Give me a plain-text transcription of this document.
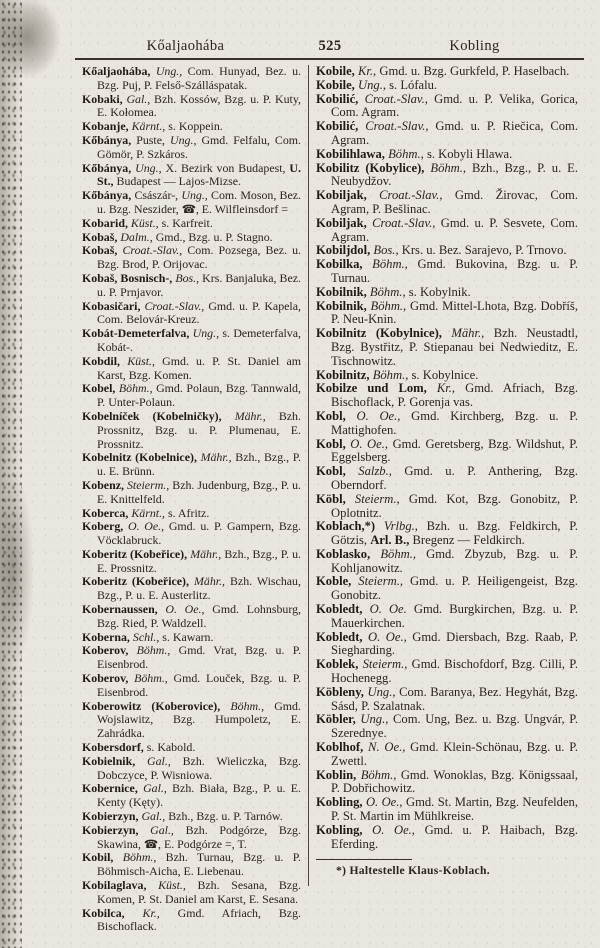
Kőaljaohába	525	Kobling

Kőaljaohába, Ung., Com. Hunyad, Bez. u. Bzg. Puj, P. Felső-Szálláspatak.

Kobaki, Gal., Bzh. Kossów, Bzg. u. P. Kuty, E. Kołomea.

Kobanje, Kärnt., s. Koppein.

Kőbánya, Puste, Ung., Gmd. Felfalu, Com. Gömör, P. Szkáros.

Kőbánya, Ung., X. Bezirk von Budapest, U. St., Budapest — Lajos-Mizse.

Kőbánya, Császár-, Ung., Com. Moson, Bez. u. Bzg. Neszider, ☎, E. Wilfleinsdorf =

Kobarid, Küst., s. Karfreit.

Kobaš, Dalm., Gmd., Bzg. u. P. Stagno.

Kobaš, Croat.-Slav., Com. Pozsega, Bez. u. Bzg. Brod, P. Orijovac.

Kobaš, Bosnisch-, Bos., Krs. Banjaluka, Bez. u. P. Prnjavor.

Kobasičari, Croat.-Slav., Gmd. u. P. Kapela, Com. Belovár-Kreuz.

Kobát-Demeterfalva, Ung., s. Demeterfalva, Kobát-.

Kobdil, Küst., Gmd. u. P. St. Daniel am Karst, Bzg. Komen.

Kobel, Böhm., Gmd. Polaun, Bzg. Tannwald, P. Unter-Polaun.

Kobelníček (Kobelničky), Mähr., Bzh. Prossnitz, Bzg. u. P. Plumenau, E. Prossnitz.

Kobelnitz (Kobelnice), Mähr., Bzh., Bzg., P. u. E. Brünn.

Kobenz, Steierm., Bzh. Judenburg, Bzg., P. u. E. Knittelfeld.

Koberca, Kärnt., s. Afritz.

Koberg, O. Oe., Gmd. u. P. Gampern, Bzg. Vöcklabruck.

Koberitz (Kobeřice), Mähr., Bzh., Bzg., P. u. E. Prossnitz.

Koberitz (Kobeřice), Mähr., Bzh. Wischau, Bzg., P. u. E. Austerlitz.

Kobernaussen, O. Oe., Gmd. Lohnsburg, Bzg. Ried, P. Waldzell.

Koberna, Schl., s. Kawarn.

Koberov, Böhm., Gmd. Vrat, Bzg. u. P. Eisenbrod.

Koberov, Böhm., Gmd. Louček, Bzg. u. P. Eisenbrod.

Koberowitz (Koberovice), Böhm., Gmd. Wojslawitz, Bzg. Humpoletz, E. Zahrádka.

Kobersdorf, s. Kabold.

Kobielnik, Gal., Bzh. Wieliczka, Bzg. Dobczyce, P. Wisniowa.

Kobernice, Gal., Bzh. Biała, Bzg., P. u. E. Kenty (Kęty).

Kobierzyn, Gal., Bzh., Bzg. u. P. Tarnów.

Kobierzyn, Gal., Bzh. Podgórze, Bzg. Skawina, ☎, E. Podgórze =, T.

Kobil, Böhm., Bzh. Turnau, Bzg. u. P. Böhmisch-Aicha, E. Liebenau.

Kobilaglava, Küst., Bzh. Sesana, Bzg. Komen, P. St. Daniel am Karst, E. Sesana.

Kobilca, Kr., Gmd. Afriach, Bzg. Bischoflack.

Kobile, Kr., Gmd. u. Bzg. Gurkfeld, P. Haselbach.

Kobile, Ung., s. Lófalu.

Kobilić, Croat.-Slav., Gmd. u. P. Velika, Gorica, Com. Agram.

Kobilić, Croat.-Slav., Gmd. u. P. Riečica, Com. Agram.

Kobilihlawa, Böhm., s. Kobyli Hlawa.

Kobilitz (Kobylice), Böhm., Bzh., Bzg., P. u. E. Neubydžov.

Kobiljak, Croat.-Slav., Gmd. Žirovac, Com. Agram, P. Bešlinac.

Kobiljak, Croat.-Slav., Gmd. u. P. Sesvete, Com. Agram.

Kobiljdol, Bos., Krs. u. Bez. Sarajevo, P. Trnovo.

Kobilka, Böhm., Gmd. Bukovina, Bzg. u. P. Turnau.

Kobilnik, Böhm., s. Kobylnik.

Kobilnik, Böhm., Gmd. Mittel-Lhota, Bzg. Dobříš, P. Neu-Knin.

Kobilnitz (Kobylnice), Mähr., Bzh. Neustadtl, Bzg. Bystřitz, P. Stiepanau bei Nedwieditz, E. Tischnowitz.

Kobilnitz, Böhm., s. Kobylnice.

Kobilze und Lom, Kr., Gmd. Afriach, Bzg. Bischoflack, P. Gorenja vas.

Kobl, O. Oe., Gmd. Kirchberg, Bzg. u. P. Mattighofen.

Kobl, O. Oe., Gmd. Geretsberg, Bzg. Wildshut, P. Eggelsberg.

Kobl, Salzb., Gmd. u. P. Anthering, Bzg. Oberndorf.

Köbl, Steierm., Gmd. Kot, Bzg. Gonobitz, P. Oplotnitz.

Koblach,*) Vrlbg., Bzh. u. Bzg. Feldkirch, P. Götzis, Arl. B., Bregenz — Feldkirch.

Koblasko, Böhm., Gmd. Zbyzub, Bzg. u. P. Kohljanowitz.

Koble, Steierm., Gmd. u. P. Heiligengeist, Bzg. Gonobitz.

Kobledt, O. Oe. Gmd. Burgkirchen, Bzg. u. P. Mauerkirchen.

Kobledt, O. Oe., Gmd. Diersbach, Bzg. Raab, P. Siegharding.

Koblek, Steierm., Gmd. Bischofdorf, Bzg. Cilli, P. Hochenegg.

Köbleny, Ung., Com. Baranya, Bez. Hegyhát, Bzg. Sásd, P. Szalatnak.

Köbler, Ung., Com. Ung, Bez. u. Bzg. Ungvár, P. Szerednye.

Koblhof, N. Oe., Gmd. Klein-Schönau, Bzg. u. P. Zwettl.

Koblin, Böhm., Gmd. Wonoklas, Bzg. Königssaal, P. Dobřichowitz.

Kobling, O. Oe., Gmd. St. Martin, Bzg. Neufelden, P. St. Martin im Mühlkreise.

Kobling, O. Oe., Gmd. u. P. Haibach, Bzg. Eferding.

*) Haltestelle Klaus-Koblach.
